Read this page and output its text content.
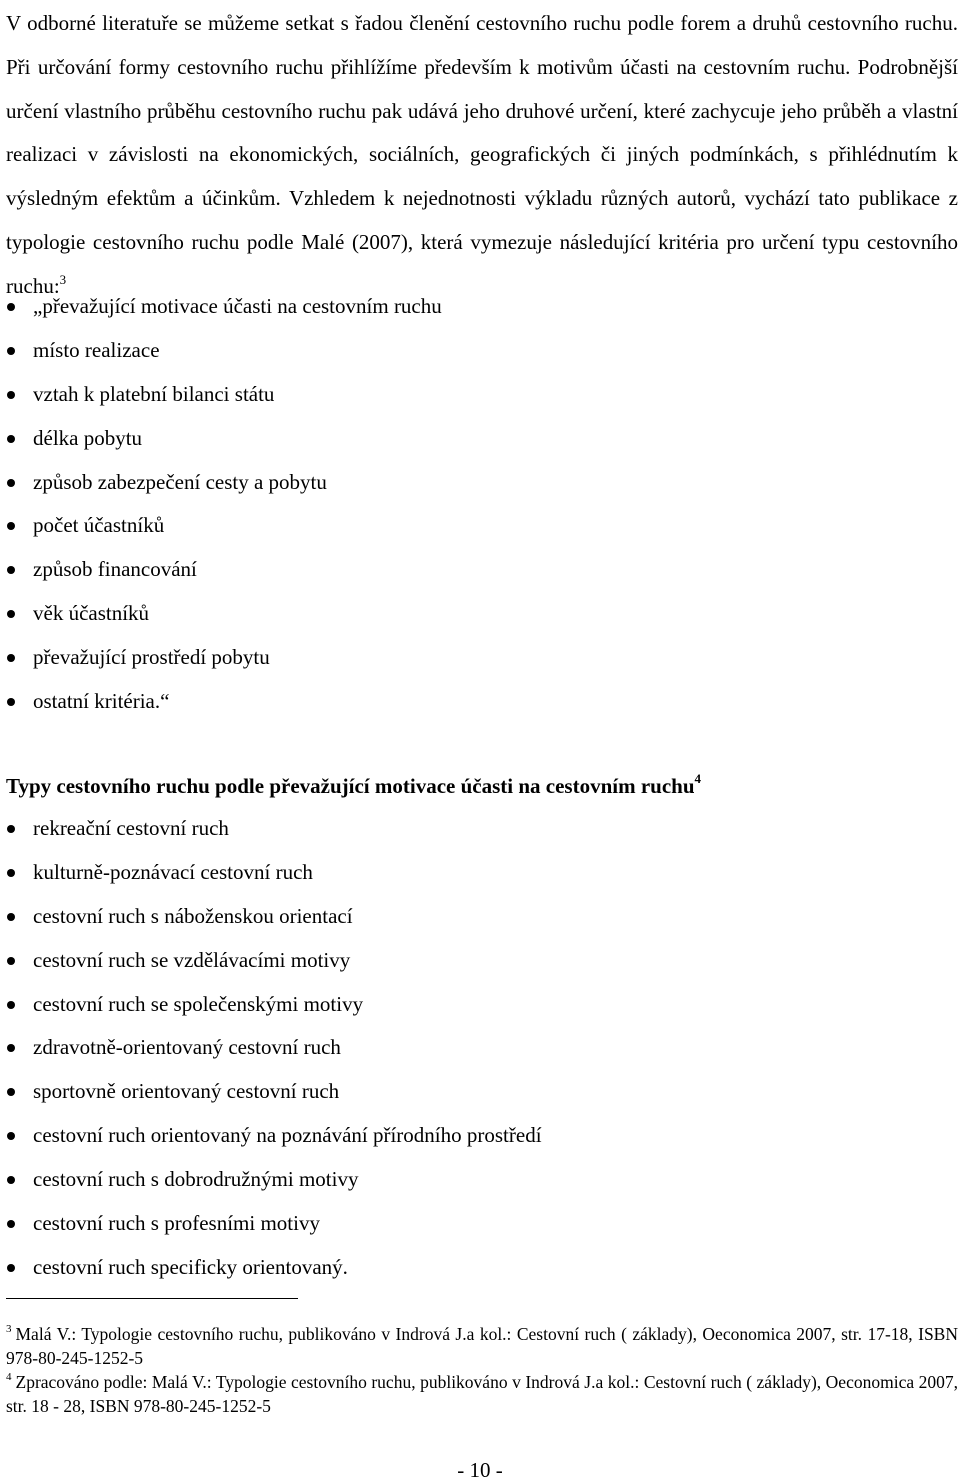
V odborné literatuře se můžeme setkat s řadou členění cestovního ruchu podle forem a druhů cestovního ruchu. Při určování formy cestovního ruchu přihlížíme především k motivům účasti na cestovním ruchu. Podrobnější určení vlastního průběhu cestovního ruchu pak udává jeho druhové určení, které zachycuje jeho průběh a vlastní realizaci v závislosti na ekonomických, sociálních, geografických či jiných podmínkách, s přihlédnutím k výsledným efektům a účinkům. Vzhledem k nejednotnosti výkladu různých autorů, vychází tato publikace z typologie cestovního ruchu podle Malé (2007), která vymezuje následující kritéria pro určení typu cestovního ruchu:$^3$

„převažující motivace účasti na cestovním ruchu
místo realizace
vztah k platební bilanci státu
délka pobytu
způsob zabezpečení cesty a pobytu
počet účastníků
způsob financování
věk účastníků
převažující prostředí pobytu
ostatní kritéria.“
Typy cestovního ruchu podle převažující motivace účasti na cestovním ruchu$^4$
rekreační cestovní ruch
kulturně-poznávací cestovní ruch
cestovní ruch s náboženskou orientací
cestovní ruch se vzdělávacími motivy
cestovní ruch se společenskými motivy
zdravotně-orientovaný cestovní ruch
sportovně orientovaný cestovní ruch
cestovní ruch orientovaný na poznávání přírodního prostředí
cestovní ruch s dobrodružnými motivy
cestovní ruch s profesními motivy
cestovní ruch specificky orientovaný.

$^3$ Malá V.: Typologie cestovního ruchu, publikováno v Indrová J.a kol.: Cestovní ruch ( základy), Oeconomica 2007, str. 17-18, ISBN 978-80-245-1252-5

$^4$ Zpracováno podle: Malá V.: Typologie cestovního ruchu, publikováno v Indrová J.a kol.: Cestovní ruch ( základy), Oeconomica 2007, str. 18 - 28, ISBN 978-80-245-1252-5

- 10 -
